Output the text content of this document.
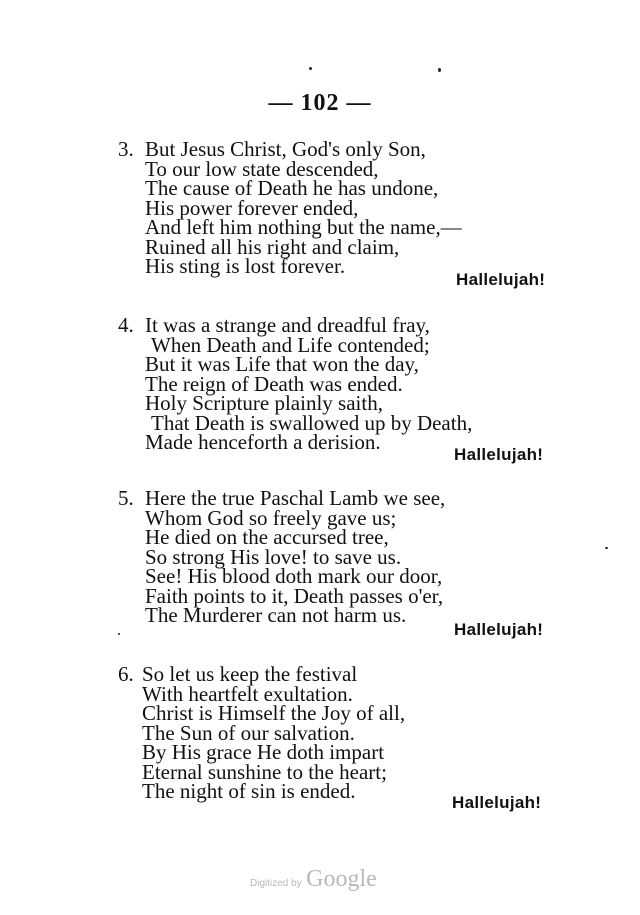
— 102 —
3. But Jesus Christ, God's only Son,
To our low state descended,
The cause of Death he has undone,
His power forever ended,
And left him nothing but the name,—
Ruined all his right and claim,
His sting is lost forever.
Hallelujah!
4. It was a strange and dreadful fray,
When Death and Life contended;
But it was Life that won the day,
The reign of Death was ended.
Holy Scripture plainly saith,
That Death is swallowed up by Death,
Made henceforth a derision.
Hallelujah!
5. Here the true Paschal Lamb we see,
Whom God so freely gave us;
He died on the accursed tree,
So strong His love! to save us.
See! His blood doth mark our door,
Faith points to it, Death passes o'er,
The Murderer can not harm us.
Hallelujah!
6. So let us keep the festival
With heartfelt exultation.
Christ is Himself the Joy of all,
The Sun of our salvation.
By His grace He doth impart
Eternal sunshine to the heart;
The night of sin is ended.	Hallelujah!
Digitized by Google
